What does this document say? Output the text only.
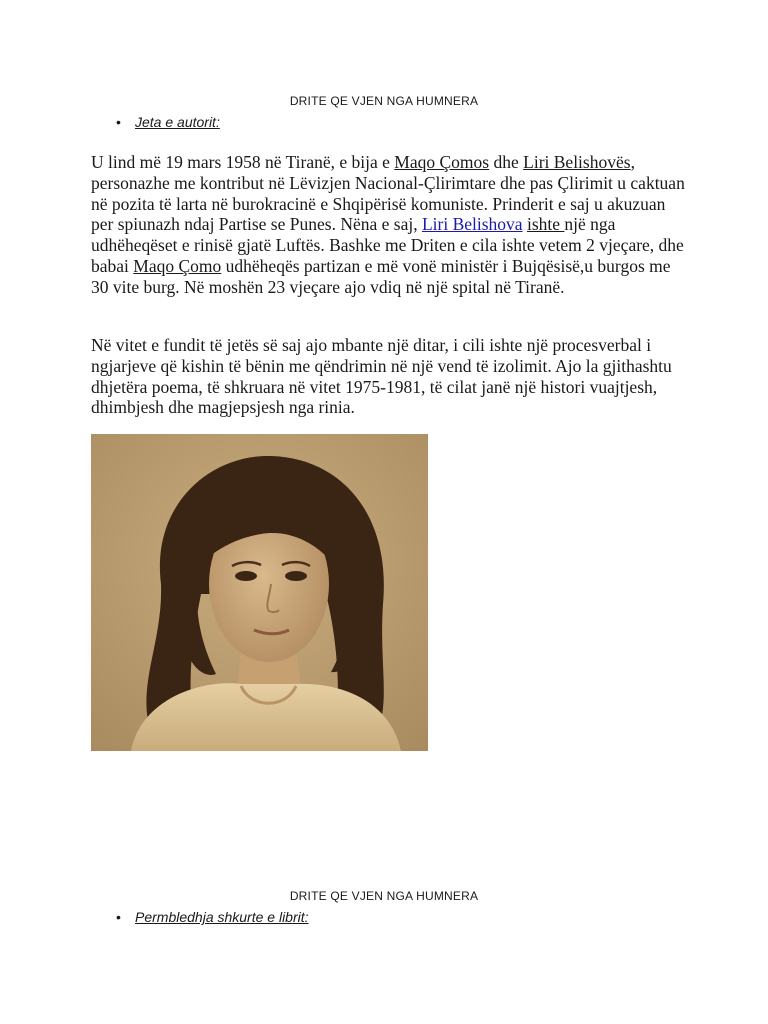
DRITE QE VJEN NGA HUMNERA
• Jeta e autorit:

U lind më 19 mars 1958 në Tiranë, e bija e Maqo Çomos dhe Liri Belishovës, personazhe me kontribut në Lëvizjen Nacional-Çlirimtare dhe pas Çlirimit u caktuan në pozita të larta në burokracinë e Shqipërisë komuniste. Prinderit e saj u akuzuan per spiunazh ndaj Partise se Punes. Nëna e saj, Liri Belishova ishte një nga udhëheqëset e rinisë gjatë Luftës. Bashke me Driten e cila ishte vetem 2 vjeçare, dhe babai Maqo Çomo udhëheqës partizan e më vonë ministër i Bujqësisë,u burgos me 30 vite burg. Në moshën 23 vjeçare ajo vdiq në një spital në Tiranë.

Në vitet e fundit të jetës së saj ajo mbante një ditar, i cili ishte një procesverbal i ngjarjeve që kishin të bënin me qëndrimin në një vend të izolimit. Ajo la gjithashtu dhjetëra poema, të shkruara në vitet 1975-1981, të cilat janë një histori vuajtjesh, dhimbjesh dhe magjepsjesh nga rinia.

DRITE QE VJEN NGA HUMNERA
• Permbledhja shkurte e librit:
